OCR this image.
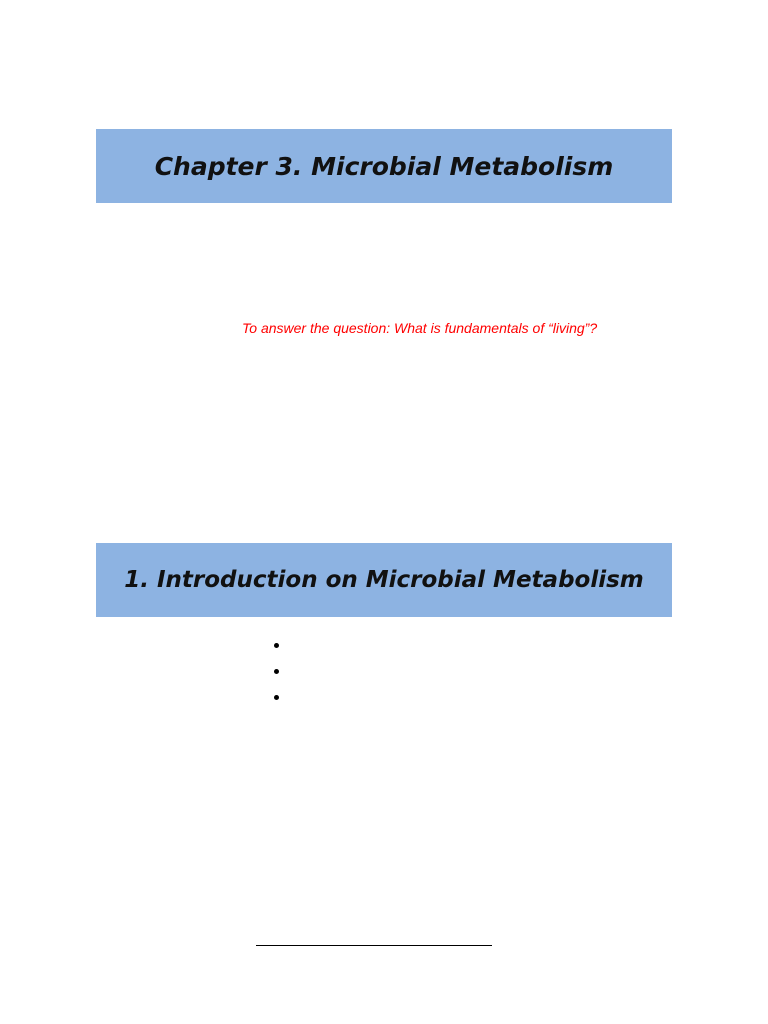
Chapter 3. Microbial Metabolism
To answer the question: What is fundamentals of “living”?
1. Introduction on Microbial Metabolism
